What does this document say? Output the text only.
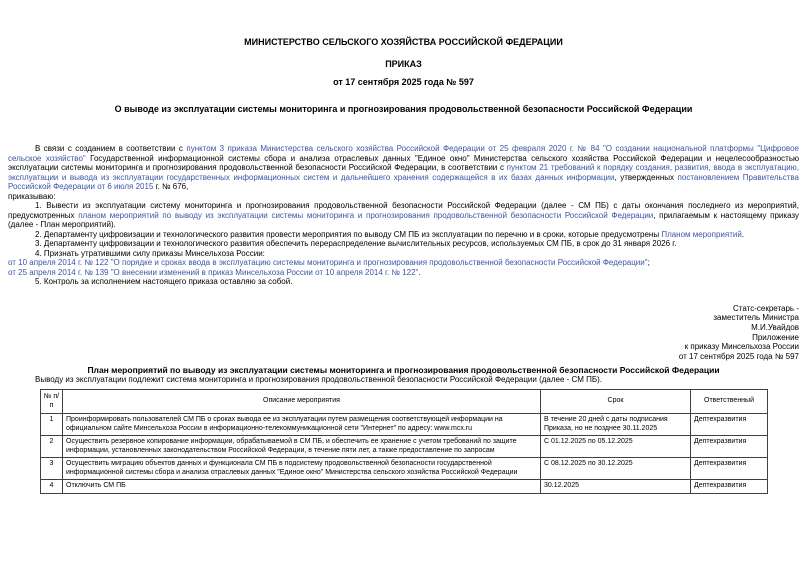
МИНИСТЕРСТВО СЕЛЬСКОГО ХОЗЯЙСТВА РОССИЙСКОЙ ФЕДЕРАЦИИ
ПРИКАЗ
от 17 сентября 2025 года № 597
О выводе из эксплуатации системы мониторинга и прогнозирования продовольственной безопасности Российской Федерации

В связи с созданием в соответствии с пунктом 3 приказа Министерства сельского хозяйства Российской Федерации от 25 февраля 2020 г. № 84 "О создании национальной платформы "Цифровое сельское хозяйство" Государственной информационной системы сбора и анализа отраслевых данных "Единое окно" Министерства сельского хозяйства Российской Федерации и нецелесообразностью эксплуатации системы мониторинга и прогнозирования продовольственной безопасности Российской Федерации, в соответствии с пунктом 21 требований к порядку создания, развития, ввода в эксплуатацию, эксплуатации и вывода из эксплуатации государственных информационных систем и дальнейшего хранения содержащейся в их базах данных информации, утвержденных постановлением Правительства Российской Федерации от 6 июля 2015 г. № 676,

приказываю:

1. Вывести из эксплуатации систему мониторинга и прогнозирования продовольственной безопасности Российской Федерации (далее - СМ ПБ) с даты окончания последнего из мероприятий, предусмотренных планом мероприятий по выводу из эксплуатации системы мониторинга и прогнозирования продовольственной безопасности Российской Федерации, прилагаемым к настоящему приказу (далее - План мероприятий).

2. Департаменту цифровизации и технологического развития провести мероприятия по выводу СМ ПБ из эксплуатации по перечню и в сроки, которые предусмотрены Планом мероприятий.

3. Департаменту цифровизации и технологического развития обеспечить перераспределение вычислительных ресурсов, используемых СМ ПБ, в срок до 31 января 2026 г.

4. Признать утратившими силу приказы Минсельхоза России:

от 10 апреля 2014 г. № 122 "О порядке и сроках ввода в эксплуатацию системы мониторинга и прогнозирования продовольственной безопасности Российской Федерации";

от 25 апреля 2014 г. № 139 "О внесении изменений в приказ Минсельхоза России от 10 апреля 2014 г. № 122".

5. Контроль за исполнением настоящего приказа оставляю за собой.

Статс-секретарь -
заместитель Министра
М.И.Увайдов
Приложение
к приказу Минсельхоза России
от 17 сентября 2025 года № 597
План мероприятий по выводу из эксплуатации системы мониторинга и прогнозирования продовольственной безопасности Российской Федерации

Выводу из эксплуатации подлежит система мониторинга и прогнозирования продовольственной безопасности Российской Федерации (далее - СМ ПБ).

№ п/п	Описание мероприятия	Срок	Ответственный
1	Проинформировать пользователей СМ ПБ о сроках вывода ее из эксплуатации путем размещения соответствующей информации на официальном сайте Минсельхоза России в информационно-телекоммуникационной сети "Интернет" по адресу: www.mcx.ru	В течение 20 дней с даты подписания Приказа, но не позднее 30.11.2025	Дептехразвития
2	Осуществить резервное копирование информации, обрабатываемой в СМ ПБ, и обеспечить ее хранение с учетом требований по защите информации, установленных законодательством Российской Федерации, в течение пяти лет, а также предоставление по запросам	С 01.12.2025 по 05.12.2025	Дептехразвития
3	Осуществить миграцию объектов данных и функционала СМ ПБ в подсистему продовольственной безопасности государственной информационной системы сбора и анализа отраслевых данных "Единое окно" Министерства сельского хозяйства Российской Федерации	С 08.12.2025 по 30.12.2025	Дептехразвития
4	Отключить СМ ПБ	30.12.2025	Дептехразвития
